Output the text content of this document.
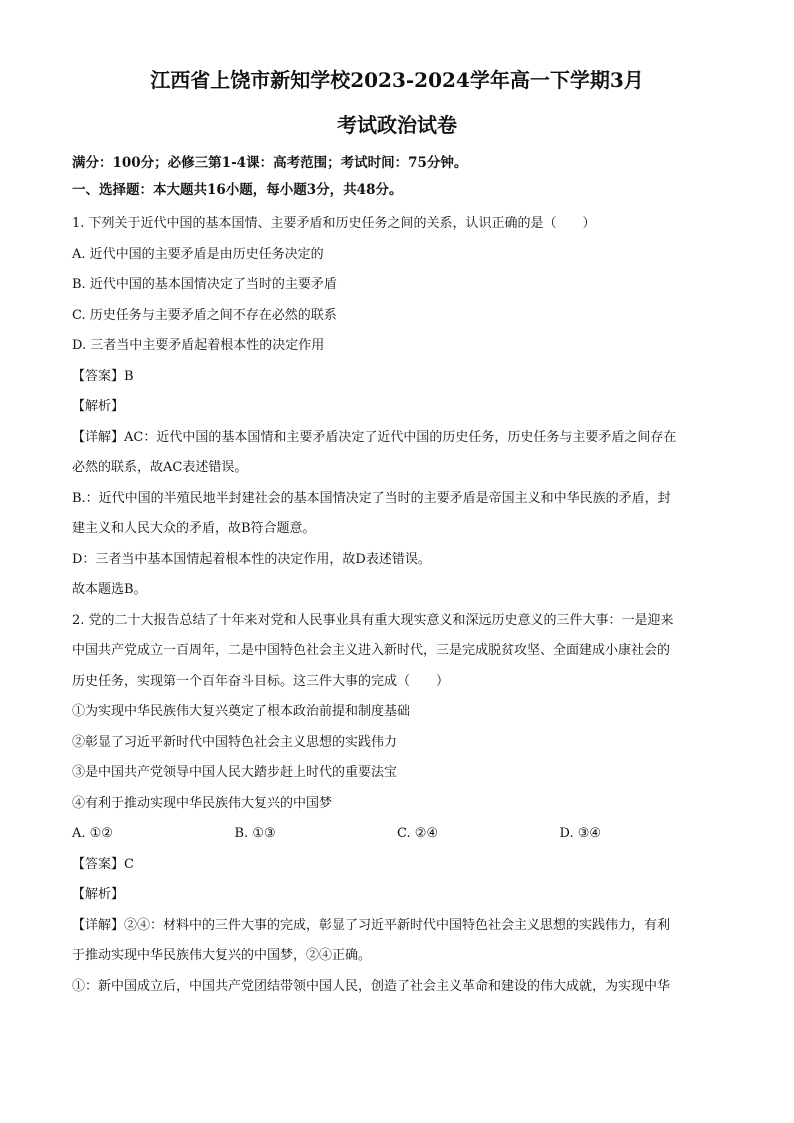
江西省上饶市新知学校2023-2024学年高一下学期3月

考试政治试卷

满分：100分；必修三第1-4课：高考范围；考试时间：75分钟。

一、选择题：本大题共16小题，每小题3分，共48分。

1. 下列关于近代中国的基本国情、主要矛盾和历史任务之间的关系，认识正确的是（　　）

A. 近代中国的主要矛盾是由历史任务决定的

B. 近代中国的基本国情决定了当时的主要矛盾

C. 历史任务与主要矛盾之间不存在必然的联系

D. 三者当中主要矛盾起着根本性的决定作用

【答案】B

【解析】

【详解】AC：近代中国的基本国情和主要矛盾决定了近代中国的历史任务，历史任务与主要矛盾之间存在

必然的联系，故AC表述错误。

B.：近代中国的半殖民地半封建社会的基本国情决定了当时的主要矛盾是帝国主义和中华民族的矛盾，封

建主义和人民大众的矛盾，故B符合题意。

D：三者当中基本国情起着根本性的决定作用，故D表述错误。

故本题选B。

2. 党的二十大报告总结了十年来对党和人民事业具有重大现实意义和深远历史意义的三件大事：一是迎来

中国共产党成立一百周年，二是中国特色社会主义进入新时代，三是完成脱贫攻坚、全面建成小康社会的

历史任务，实现第一个百年奋斗目标。这三件大事的完成（　　）

①为实现中华民族伟大复兴奠定了根本政治前提和制度基础

②彰显了习近平新时代中国特色社会主义思想的实践伟力

③是中国共产党领导中国人民大踏步赶上时代的重要法宝

④有利于推动实现中华民族伟大复兴的中国梦

A. ①②	B. ①③	C. ②④	D. ③④

【答案】C

【解析】

【详解】②④：材料中的三件大事的完成，彰显了习近平新时代中国特色社会主义思想的实践伟力，有利

于推动实现中华民族伟大复兴的中国梦，②④正确。

①：新中国成立后，中国共产党团结带领中国人民，创造了社会主义革命和建设的伟大成就，为实现中华
